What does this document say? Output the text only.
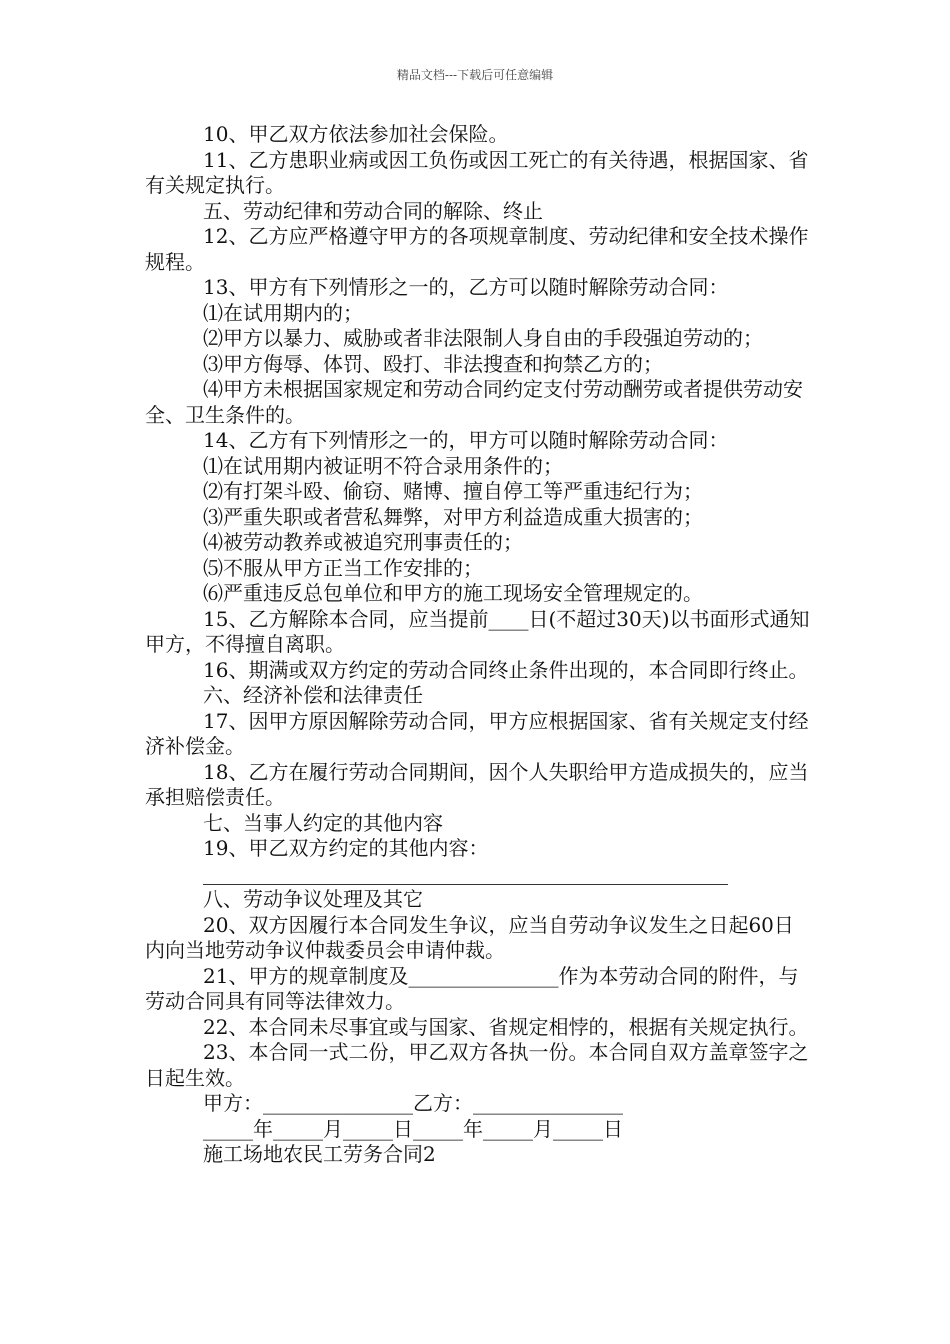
精品文档---下载后可任意编辑

10、甲乙双方依法参加社会保险。

11、乙方患职业病或因工负伤或因工死亡的有关待遇，根据国家、省有关规定执行。

五、劳动纪律和劳动合同的解除、终止

12、乙方应严格遵守甲方的各项规章制度、劳动纪律和安全技术操作规程。

13、甲方有下列情形之一的，乙方可以随时解除劳动合同：

⑴在试用期内的；

⑵甲方以暴力、威胁或者非法限制人身自由的手段强迫劳动的；

⑶甲方侮辱、体罚、殴打、非法搜查和拘禁乙方的；

⑷甲方未根据国家规定和劳动合同约定支付劳动酬劳或者提供劳动安全、卫生条件的。

14、乙方有下列情形之一的，甲方可以随时解除劳动合同：

⑴在试用期内被证明不符合录用条件的；

⑵有打架斗殴、偷窃、赌博、擅自停工等严重违纪行为；

⑶严重失职或者营私舞弊，对甲方利益造成重大损害的；

⑷被劳动教养或被追究刑事责任的；

⑸不服从甲方正当工作安排的；

⑹严重违反总包单位和甲方的施工现场安全管理规定的。

15、乙方解除本合同，应当提前____日(不超过30天)以书面形式通知甲方，不得擅自离职。

16、期满或双方约定的劳动合同终止条件出现的，本合同即行终止。

六、经济补偿和法律责任

17、因甲方原因解除劳动合同，甲方应根据国家、省有关规定支付经济补偿金。

18、乙方在履行劳动合同期间，因个人失职给甲方造成损失的，应当承担赔偿责任。

七、当事人约定的其他内容

19、甲乙双方约定的其他内容：

八、劳动争议处理及其它

20、双方因履行本合同发生争议，应当自劳动争议发生之日起60日内向当地劳动争议仲裁委员会申请仲裁。

21、甲方的规章制度及_______________作为本劳动合同的附件，与劳动合同具有同等法律效力。

22、本合同未尽事宜或与国家、省规定相悖的，根据有关规定执行。

23、本合同一式二份，甲乙双方各执一份。本合同自双方盖章签字之日起生效。

甲方：_______________乙方：_______________

_____年_____月_____日_____年_____月_____日

施工场地农民工劳务合同2
